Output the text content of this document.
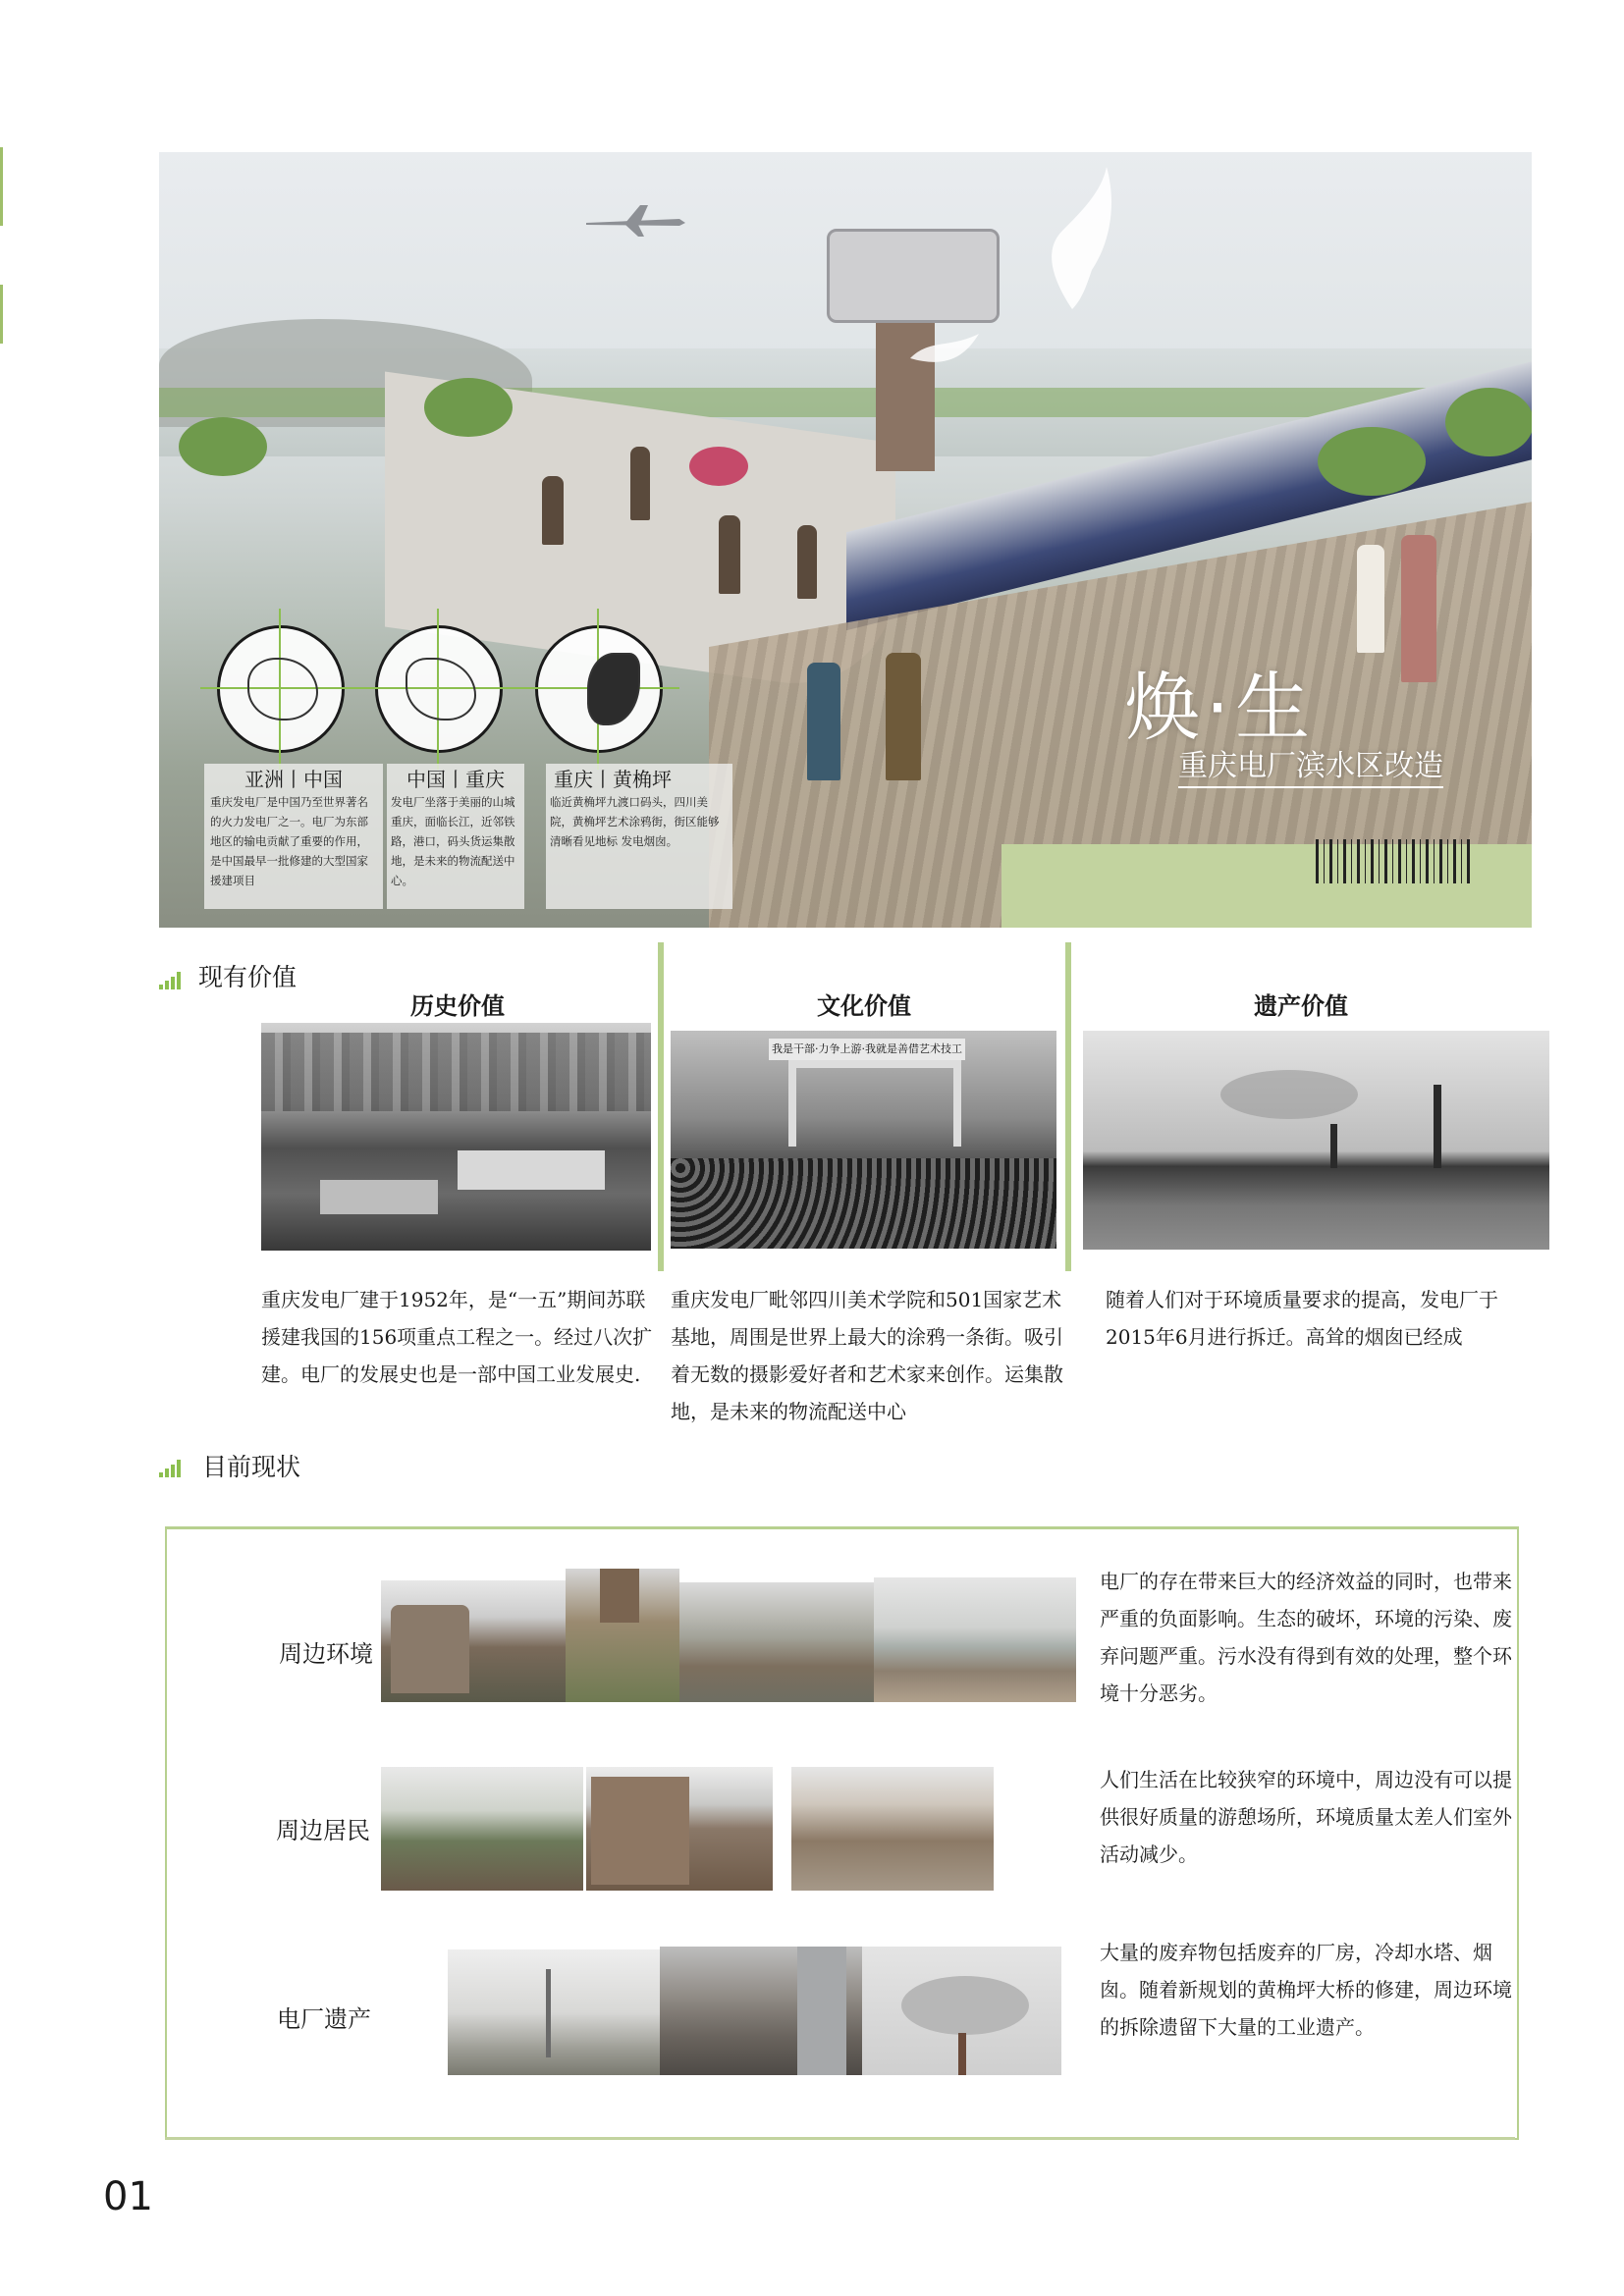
焕·生
重庆电厂滨水区改造
亚洲丨中国
重庆发电厂是中国乃至世界著名的火力发电厂之一。电厂为东部地区的输电贡献了重要的作用，是中国最早一批修建的大型国家援建项目
中国丨重庆
发电厂坐落于美丽的山城重庆，面临长江，近邻铁路，港口，码头货运集散地，是未来的物流配送中心。
重庆丨黄桷坪
临近黄桷坪九渡口码头，四川美院，黄桷坪艺术涂鸦街，街区能够清晰看见地标 发电烟囱。
现有价值
历史价值	文化价值	遗产价值
我是干部·力争上游·我就是善借艺术技工
重庆发电厂建于1952年，是“一五”期间苏联援建我国的156项重点工程之一。经过八次扩建。电厂的发展史也是一部中国工业发展史.
重庆发电厂毗邻四川美术学院和501国家艺术基地，周围是世界上最大的涂鸦一条街。吸引着无数的摄影爱好者和艺术家来创作。运集散地，是未来的物流配送中心
随着人们对于环境质量要求的提高，发电厂于2015年6月进行拆迁。高耸的烟囱已经成
目前现状
周边环境
电厂的存在带来巨大的经济效益的同时，也带来严重的负面影响。生态的破坏，环境的污染、废弃问题严重。污水没有得到有效的处理，整个环境十分恶劣。
周边居民
人们生活在比较狭窄的环境中，周边没有可以提供很好质量的游憩场所，环境质量太差人们室外活动减少。
电厂遗产
大量的废弃物包括废弃的厂房，冷却水塔、烟囱。随着新规划的黄桷坪大桥的修建，周边环境的拆除遗留下大量的工业遗产。
01
